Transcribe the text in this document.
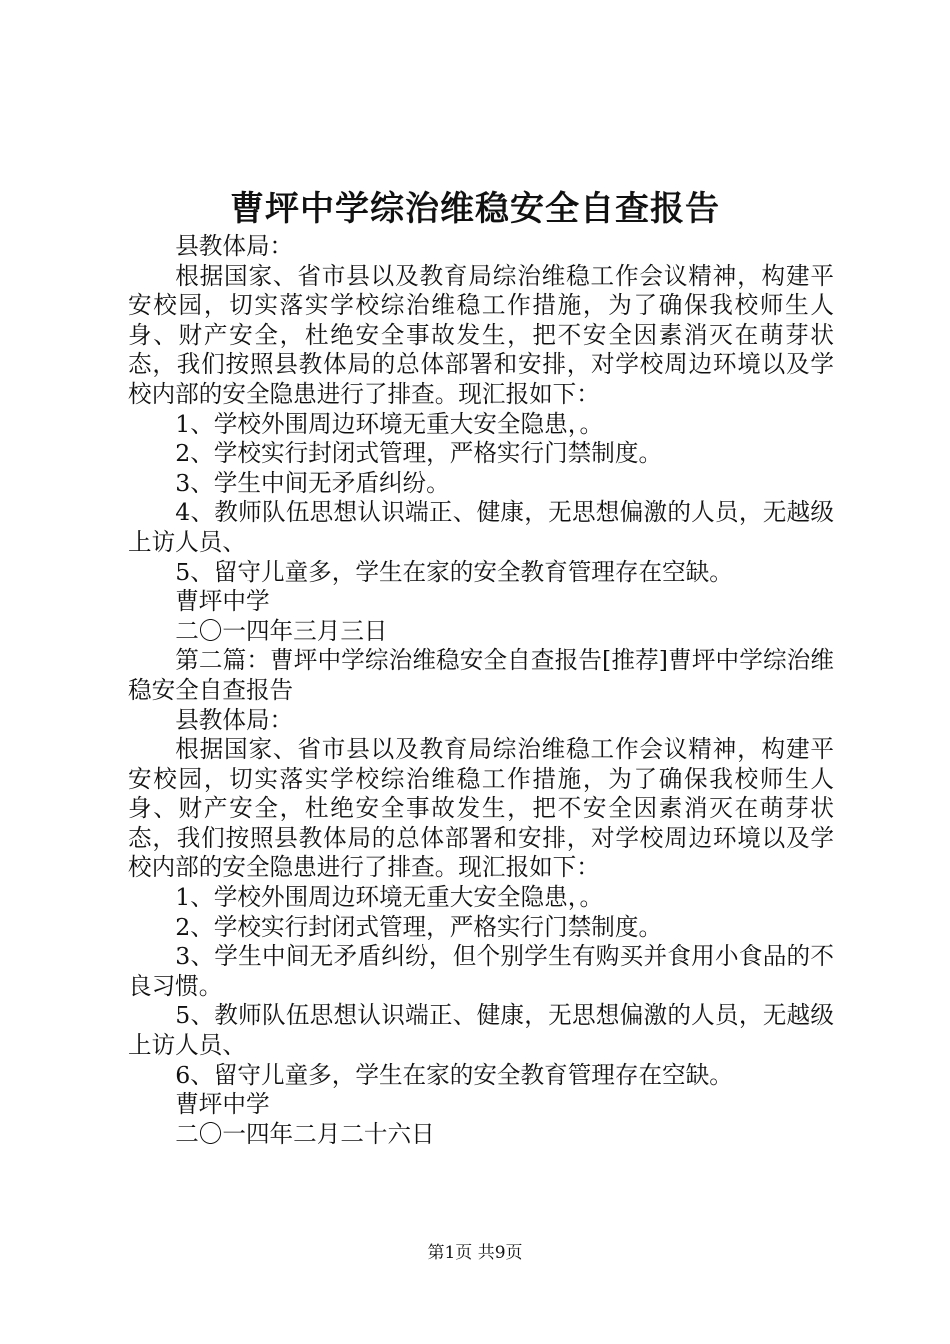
曹坪中学综治维稳安全自查报告

县教体局：

根据国家、省市县以及教育局综治维稳工作会议精神，构建平安校园，切实落实学校综治维稳工作措施，为了确保我校师生人身、财产安全，杜绝安全事故发生，把不安全因素消灭在萌芽状态，我们按照县教体局的总体部署和安排，对学校周边环境以及学校内部的安全隐患进行了排查。现汇报如下：

1、学校外围周边环境无重大安全隐患，。

2、学校实行封闭式管理，严格实行门禁制度。

3、学生中间无矛盾纠纷。

4、教师队伍思想认识端正、健康，无思想偏激的人员，无越级上访人员、

5、留守儿童多，学生在家的安全教育管理存在空缺。

曹坪中学

二〇一四年三月三日

第二篇：曹坪中学综治维稳安全自查报告[推荐]曹坪中学综治维稳安全自查报告

县教体局：

根据国家、省市县以及教育局综治维稳工作会议精神，构建平安校园，切实落实学校综治维稳工作措施，为了确保我校师生人身、财产安全，杜绝安全事故发生，把不安全因素消灭在萌芽状态，我们按照县教体局的总体部署和安排，对学校周边环境以及学校内部的安全隐患进行了排查。现汇报如下：

1、学校外围周边环境无重大安全隐患，。

2、学校实行封闭式管理，严格实行门禁制度。

3、学生中间无矛盾纠纷，但个别学生有购买并食用小食品的不良习惯。

5、教师队伍思想认识端正、健康，无思想偏激的人员，无越级上访人员、

6、留守儿童多，学生在家的安全教育管理存在空缺。

曹坪中学

二〇一四年二月二十六日

第1页 共9页
